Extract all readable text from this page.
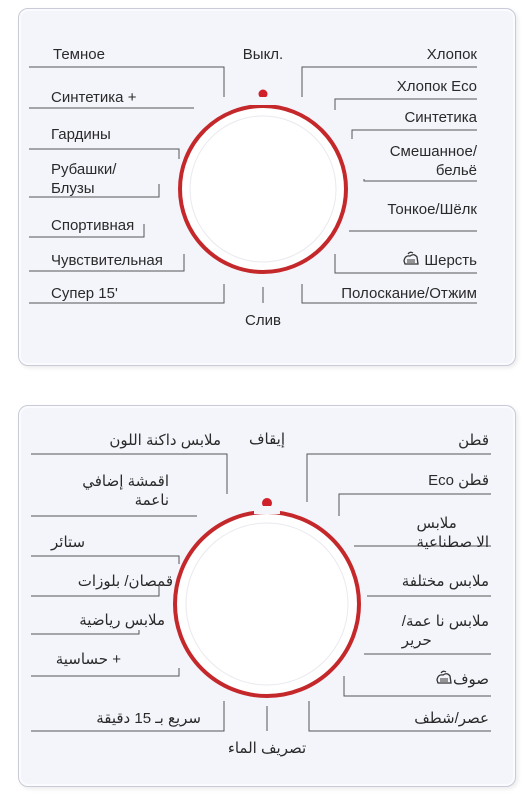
Выкл.
Слив
Темное
Синтетика +
Гардины
Рубашки/
Блузы
Спортивная
Чувствительная
Супер 15'
Хлопок
Хлопок Eco
Синтетика
Смешанное/
бельё
Тонкое/Шёлк
Шерсть
Полоскание/Отжим
إيقاف
تصريف الماء
ملابس داكنة اللون
اقمشة إضافي
ناعمة
ستائر
قمصان/ بلوزات
ملابس رياضية
+ حساسية
سريع بـ 15 دقيقة
قطن
قطن Eco
ملابس
الا صطناعية
ملابس مختلفة
ملابس نا عمة/
حرير
صوف
عصر/شطف
